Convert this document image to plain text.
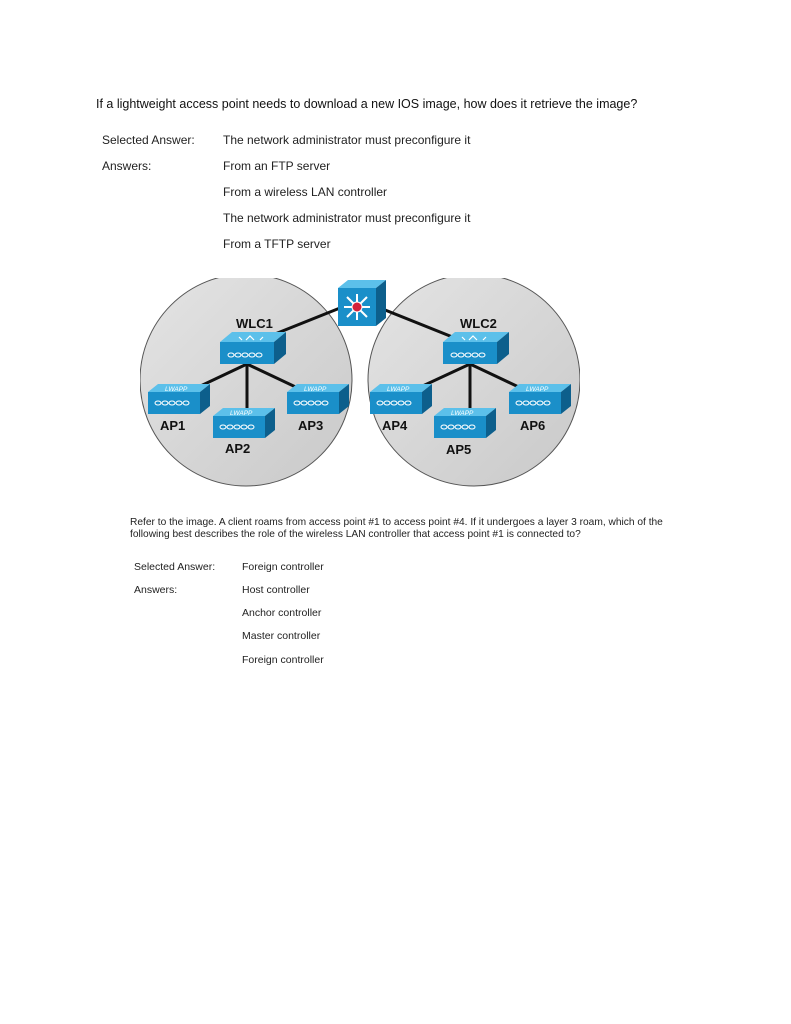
If a lightweight access point needs to download a new IOS image, how does it retrieve the image?
Selected Answer: The network administrator must preconfigure it
Answers:	From an FTP server
From a wireless LAN controller
The network administrator must preconfigure it
From a TFTP server
WLC1	WLC2
LWAPP
AP1
LWAPP
AP2
LWAPP
AP3
LWAPP
AP4
LWAPP
AP5
LWAPP
AP6
Refer to the image. A client roams from access point #1 to access point #4. If it undergoes a layer 3 roam, which of the following best describes the role of the wireless LAN controller that access point #1 is connected to?
Selected Answer:	Foreign controller
Answers:	Host controller
Anchor controller
Master controller
Foreign controller
